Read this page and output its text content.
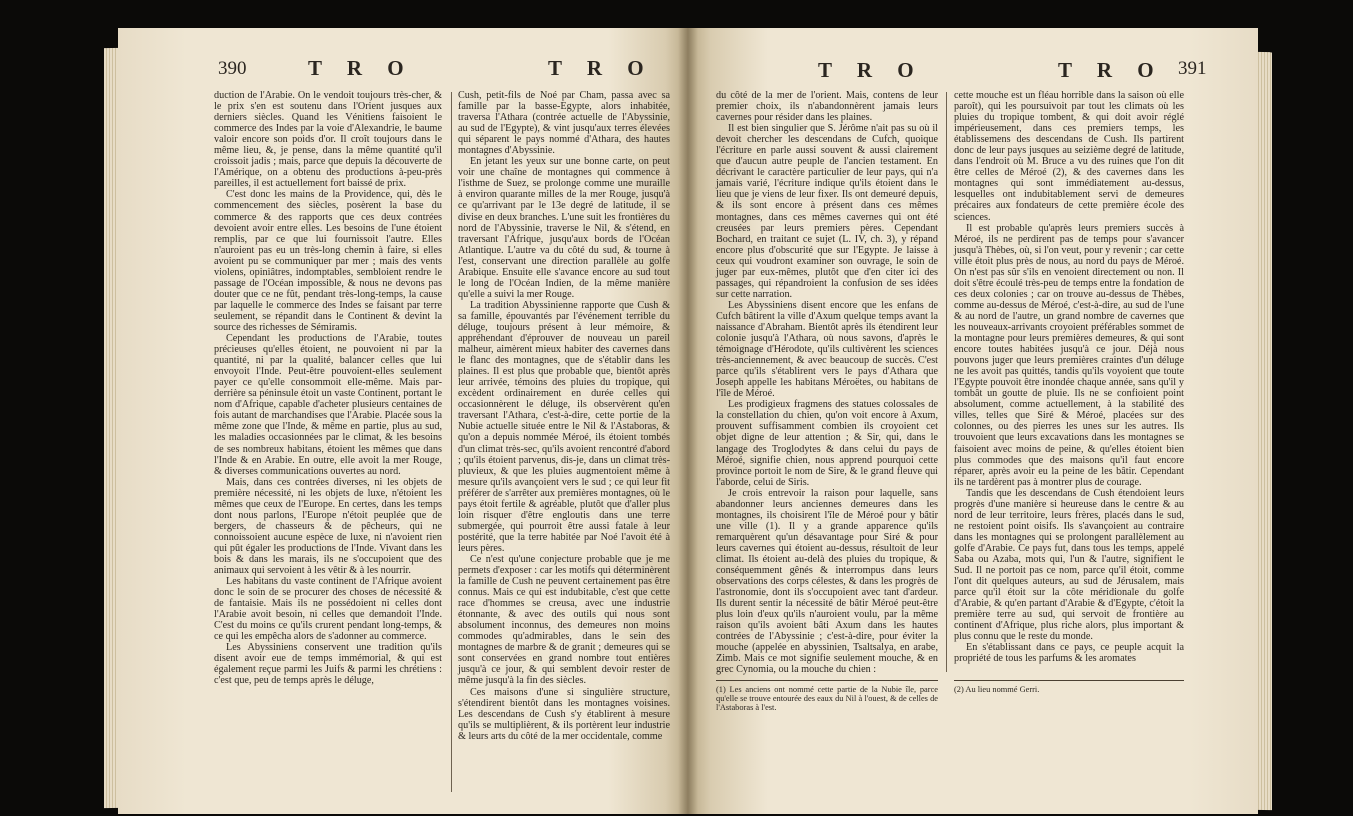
390	T R O	T R O

duction de l'Arabie. On le vendoit toujours très-cher, & le prix s'en est soutenu dans l'Orient jusques aux derniers siècles. Quand les Vénitiens faisoient le commerce des Indes par la voie d'Alexandrie, le baume valoir encore son poids d'or. Il croît toujours dans le même lieu, &, je pense, dans la même quantité qu'il croissoit jadis ; mais, parce que depuis la découverte de l'Amérique, on a obtenu des productions à-peu-près pareilles, il est actuellement fort baissé de prix.

C'est donc les mains de la Providence, qui, dès le commencement des siècles, posèrent la base du commerce & des rapports que ces deux contrées devoient avoir entre elles. Les besoins de l'une étoient remplis, par ce que lui fournissoit l'autre. Elles n'auroient pas eu un très-long chemin à faire, si elles avoient pu se communiquer par mer ; mais des vents violens, opiniâtres, indomptables, sembloient rendre le passage de l'Océan impossible, & nous ne devons pas douter que ce ne fût, pendant très-long-temps, la cause par laquelle le commerce des Indes se faisant par terre seulement, se répandit dans le Continent & devint la source des richesses de Sémiramis.

Cependant les productions de l'Arabie, toutes précieuses qu'elles étoient, ne pouvoient ni par la quantité, ni par la qualité, balancer celles que lui envoyoit l'Inde. Peut-être pouvoient-elles seulement payer ce qu'elle consommoit elle-même. Mais par-derrière sa péninsule étoit un vaste Continent, portant le nom d'Afrique, capable d'acheter plusieurs centaines de fois autant de marchandises que l'Arabie. Placée sous la même zone que l'Inde, & même en partie, plus au sud, les maladies occasionnées par le climat, & les besoins de ses nombreux habitans, étoient les mêmes que dans l'Inde & en Arabie. En outre, elle avoit la mer Rouge, & diverses communications ouvertes au nord.

Mais, dans ces contrées diverses, ni les objets de première nécessité, ni les objets de luxe, n'étoient les mêmes que ceux de l'Europe. En certes, dans les temps dont nous parlons, l'Europe n'étoit peuplée que de bergers, de chasseurs & de pêcheurs, qui ne connoissoient aucune espèce de luxe, ni n'avoient rien qui pût égaler les productions de l'Inde. Vivant dans les bois & dans les marais, ils ne s'occupoient que des animaux qui servoient à les vêtir & à les nourrir.

Les habitans du vaste continent de l'Afrique avoient donc le soin de se procurer des choses de nécessité & de fantaisie. Mais ils ne possédoient ni celles dont l'Arabie avoit besoin, ni celles que demandoit l'Inde. C'est du moins ce qu'ils crurent pendant long-temps, & ce qui les empêcha alors de s'adonner au commerce.

Les Abyssiniens conservent une tradition qu'ils disent avoir eue de temps immémorial, & qui est également reçue parmi les Juifs & parmi les chrétiens : c'est que, peu de temps après le déluge,

Cush, petit-fils de Noé par Cham, passa avec sa famille par la basse-Egypte, alors inhabitée, traversa l'Athara (contrée actuelle de l'Abyssinie, au sud de l'Egypte), & vint jusqu'aux terres élevées qui séparent le pays nommé d'Athara, des hautes montagnes d'Abyssinie.

En jetant les yeux sur une bonne carte, on peut voir une chaîne de montagnes qui commence à l'isthme de Suez, se prolonge comme une muraille à environ quarante milles de la mer Rouge, jusqu'à ce qu'arrivant par le 13e degré de latitude, il se divise en deux branches. L'une suit les frontières du nord de l'Abyssinie, traverse le Nil, & s'étend, en traversant l'Afrique, jusqu'aux bords de l'Océan Atlantique. L'autre va du côté du sud, & tourne à l'est, conservant une direction parallèle au golfe Arabique. Ensuite elle s'avance encore au sud tout le long de l'Océan Indien, de la même manière qu'elle a suivi la mer Rouge.

La tradition Abyssinienne rapporte que Cush & sa famille, épouvantés par l'événement terrible du déluge, toujours présent à leur mémoire, & appréhendant d'éprouver de nouveau un pareil malheur, aimèrent mieux habiter des cavernes dans le flanc des montagnes, que de s'établir dans les plaines. Il est plus que probable que, bientôt après leur arrivée, témoins des pluies du tropique, qui excèdent ordinairement en durée celles qui occasionnèrent le déluge, ils observèrent qu'en traversant l'Athara, c'est-à-dire, cette portie de la Nubie actuelle située entre le Nil & l'Astaboras, & qu'on a depuis nommée Méroé, ils étoient tombés d'un climat très-sec, qu'ils avoient rencontré d'abord ; qu'ils étoient parvenus, dis-je, dans un climat très-pluvieux, & que les pluies augmentoient même à mesure qu'ils avançoient vers le sud ; ce qui leur fit préférer de s'arrêter aux premières montagnes, où le pays étoit fertile & agréable, plutôt que d'aller plus loin risquer d'être engloutis dans une terre submergée, qui pourroit être aussi fatale à leur postérité, que la terre habitée par Noé l'avoit été à leurs pères.

Ce n'est qu'une conjecture probable que je me permets d'exposer : car les motifs qui déterminèrent la famille de Cush ne peuvent certainement pas être connus. Mais ce qui est indubitable, c'est que cette race d'hommes se creusa, avec une industrie étonnante, & avec des outils qui nous sont absolument inconnus, des demeures non moins commodes qu'admirables, dans le sein des montagnes de marbre & de granit ; demeures qui se sont conservées en grand nombre tout entières jusqu'à ce jour, & qui semblent devoir rester de même jusqu'à la fin des siècles.

Ces maisons d'une si singulière structure, s'étendirent bientôt dans les montagnes voisines. Les descendans de Cush s'y établirent à mesure qu'ils se multiplièrent, & ils portèrent leur industrie & leurs arts du côté de la mer occidentale, comme

T R O	T R O 391

du côté de la mer de l'orient. Mais, contens de leur premier choix, ils n'abandonnèrent jamais leurs cavernes pour résider dans les plaines.

Il est bien singulier que S. Jérôme n'ait pas su où il devoit chercher les descendans de Cufch, quoique l'écriture en parle aussi souvent & aussi clairement que d'aucun autre peuple de l'ancien testament. En décrivant le caractère particulier de leur pays, qui n'a jamais varié, l'écriture indique qu'ils étoient dans le lieu que je viens de leur fixer. Ils ont demeuré depuis, & ils sont encore à présent dans ces mêmes montagnes, dans ces mêmes cavernes qui ont été creusées par leurs premiers pères. Cependant Bochard, en traitant ce sujet (L. IV, ch. 3), y répand encore plus d'obscurité que sur l'Egypte. Je laisse à ceux qui voudront examiner son ouvrage, le soin de juger par eux-mêmes, plutôt que d'en citer ici des passages, qui répandroient la confusion de ses idées sur cette narration.

Les Abyssiniens disent encore que les enfans de Cufch bâtirent la ville d'Axum quelque temps avant la naissance d'Abraham. Bientôt après ils étendirent leur colonie jusqu'à l'Athara, où nous savons, d'après le témoignage d'Hérodote, qu'ils cultivèrent les sciences très-anciennement, & avec beaucoup de succès. C'est parce qu'ils s'établirent vers le pays d'Athara que Joseph appelle les habitans Méroëtes, ou habitans de l'île de Méroé.

Les prodigieux fragmens des statues colossales de la constellation du chien, qu'on voit encore à Axum, prouvent suffisamment combien ils croyoient cet objet digne de leur attention ; & Sir, qui, dans le langage des Troglodytes & dans celui du pays de Méroé, signifie chien, nous apprend pourquoi cette province portoit le nom de Sire, & le grand fleuve qui l'aborde, celui de Siris.

Je crois entrevoir la raison pour laquelle, sans abandonner leurs anciennes demeures dans les montagnes, ils choisirent l'île de Méroé pour y bâtir une ville (1). Il y a grande apparence qu'ils remarquèrent qu'un désavantage pour Siré & pour leurs cavernes qui étoient au-dessus, résultoit de leur climat. Ils étoient au-delà des pluies du tropique, & conséquemment gênés & interrompus dans leurs observations des corps célestes, & dans les progrès de l'astronomie, dont ils s'occupoient avec tant d'ardeur. Ils durent sentir la nécessité de bâtir Méroé peut-être plus loin d'eux qu'ils n'auroient voulu, par la même raison qu'ils avoient bâti Axum dans les hautes contrées de l'Abyssinie ; c'est-à-dire, pour éviter la mouche (appelée en abyssinien, Tsaltsalya, en arabe, Zimb. Mais ce mot signifie seulement mouche, & en grec Cynomia, ou la mouche du chien :

cette mouche est un fléau horrible dans la saison où elle paroît), qui les poursuivoit par tout les climats où les pluies du tropique tombent, & qui doit avoir réglé impérieusement, dans ces premiers temps, les établissemens des descendans de Cush. Ils partirent donc de leur pays jusques au seizième degré de latitude, dans l'endroit où M. Bruce a vu des ruines que l'on dit être celles de Méroé (2), & des cavernes dans les montagnes qui sont immédiatement au-dessus, lesquelles ont indubitablement servi de demeures précaires aux fondateurs de cette première école des sciences.

Il est probable qu'après leurs premiers succès à Méroé, ils ne perdirent pas de temps pour s'avancer jusqu'à Thèbes, où, si l'on veut, pour y revenir ; car cette ville étoit plus près de nous, au nord du pays de Méroé. On n'est pas sûr s'ils en venoient directement ou non. Il doit s'être écoulé très-peu de temps entre la fondation de ces deux colonies ; car on trouve au-dessus de Thèbes, comme au-dessus de Méroé, c'est-à-dire, au sud de l'une & au nord de l'autre, un grand nombre de cavernes que les nouveaux-arrivants croyoient préférables sommet de la montagne pour leurs premières demeures, & qui sont encore toutes habitées jusqu'à ce jour. Déjà nous pouvons juger que leurs premières craintes d'un déluge ne les avoit pas quittés, tandis qu'ils voyoient que toute l'Egypte pouvoit être inondée chaque année, sans qu'il y tombât un goutte de pluie. Ils ne se confioient point absolument, comme actuellement, à la stabilité des villes, telles que Siré & Méroé, placées sur des colonnes, ou des pierres les unes sur les autres. Ils trouvoient que leurs excavations dans les montagnes se faisoient avec moins de peine, & qu'elles étoient bien plus commodes que des maisons qu'il faut encore réparer, après avoir eu la peine de les bâtir. Cependant ils ne tardèrent pas à montrer plus de courage.

Tandis que les descendans de Cush étendoient leurs progrès d'une manière si heureuse dans le centre & au nord de leur territoire, leurs frères, placés dans le sud, ne restoient point oisifs. Ils s'avançoient au contraire dans les montagnes qui se prolongent parallèlement au golfe d'Arabie. Ce pays fut, dans tous les temps, appelé Saba ou Azaba, mots qui, l'un & l'autre, signifient le Sud. Il ne portoit pas ce nom, parce qu'il étoit, comme l'ont dit quelques auteurs, au sud de Jérusalem, mais parce qu'il étoit sur la côte méridionale du golfe d'Arabie, & qu'en partant d'Arabie & d'Egypte, c'étoit la première terre au sud, qui servoit de frontière au continent d'Afrique, plus riche alors, plus important & plus connu que le reste du monde.

En s'établissant dans ce pays, ce peuple acquit la propriété de tous les parfums & les aromates

(1) Les anciens ont nommé cette partie de la Nubie île, parce qu'elle se trouve entourée des eaux du Nil à l'ouest, & de celles de l'Astaboras à l'est.
(2) Au lieu nommé Gerri.
